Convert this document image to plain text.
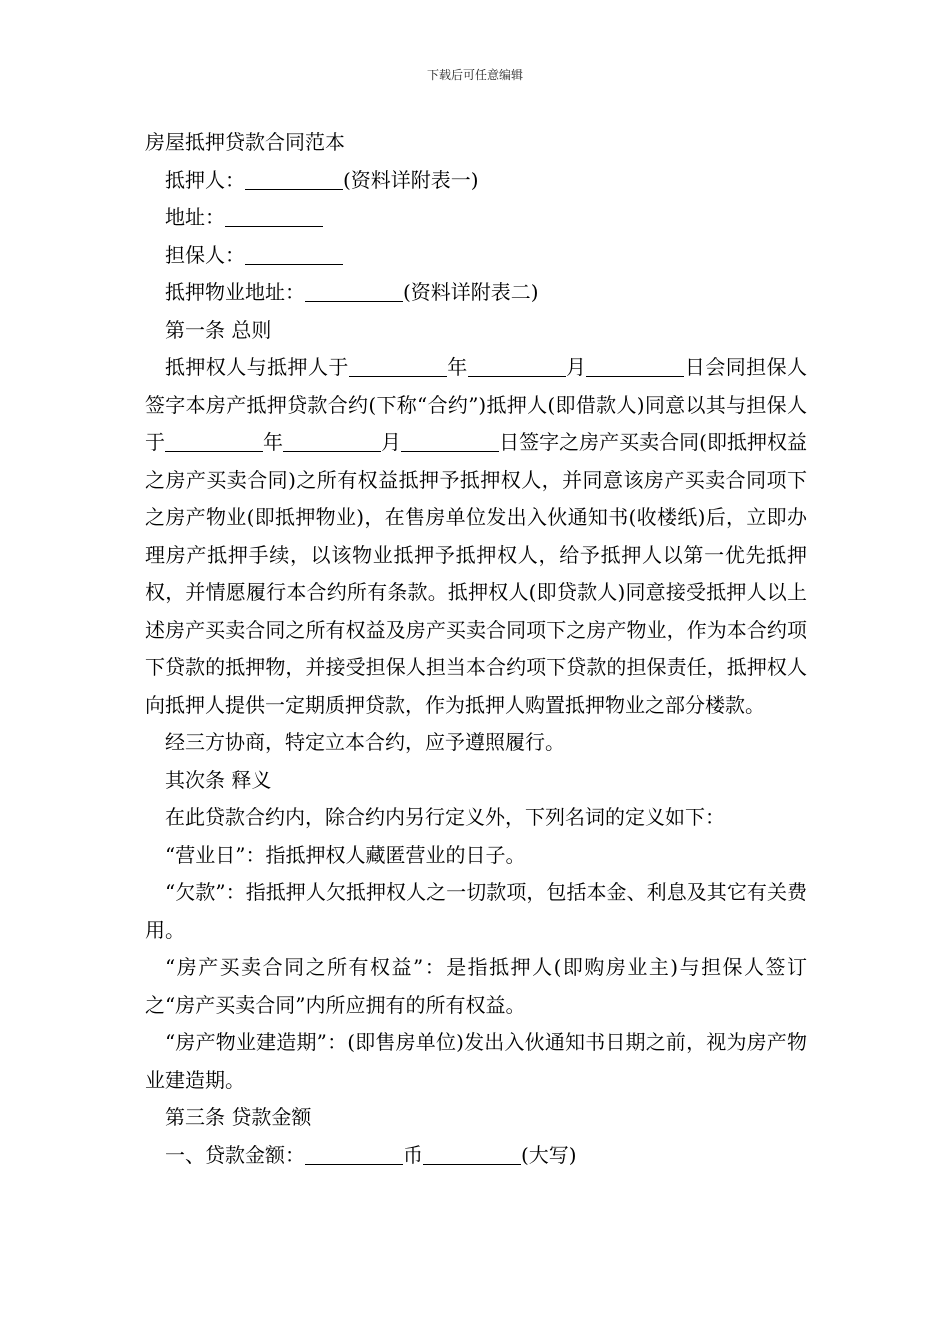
下载后可任意编辑

房屋抵押贷款合同范本

抵押人：	(资料详附表一)

地址：

担保人：

抵押物业地址：	(资料详附表二)

第一条 总则

抵押权人与抵押人于	年	月	日会同担保人签字本房产抵押贷款合约(下称“合约”)抵押人(即借款人)同意以其与担保人于	年	月	日签字之房产买卖合同(即抵押权益之房产买卖合同)之所有权益抵押予抵押权人，并同意该房产买卖合同项下之房产物业(即抵押物业)，在售房单位发出入伙通知书(收楼纸)后，立即办理房产抵押手续，以该物业抵押予抵押权人，给予抵押人以第一优先抵押权，并情愿履行本合约所有条款。抵押权人(即贷款人)同意接受抵押人以上述房产买卖合同之所有权益及房产买卖合同项下之房产物业，作为本合约项下贷款的抵押物，并接受担保人担当本合约项下贷款的担保责任，抵押权人向抵押人提供一定期质押贷款，作为抵押人购置抵押物业之部分楼款。

经三方协商，特定立本合约，应予遵照履行。

其次条 释义

在此贷款合约内，除合约内另行定义外，下列名词的定义如下：

“营业日”：指抵押权人藏匿营业的日子。

“欠款”：指抵押人欠抵押权人之一切款项，包括本金、利息及其它有关费用。

“房产买卖合同之所有权益”：是指抵押人(即购房业主)与担保人签订之“房产买卖合同”内所应拥有的所有权益。

“房产物业建造期”：(即售房单位)发出入伙通知书日期之前，视为房产物业建造期。

第三条 贷款金额

一、贷款金额：	币	(大写)
